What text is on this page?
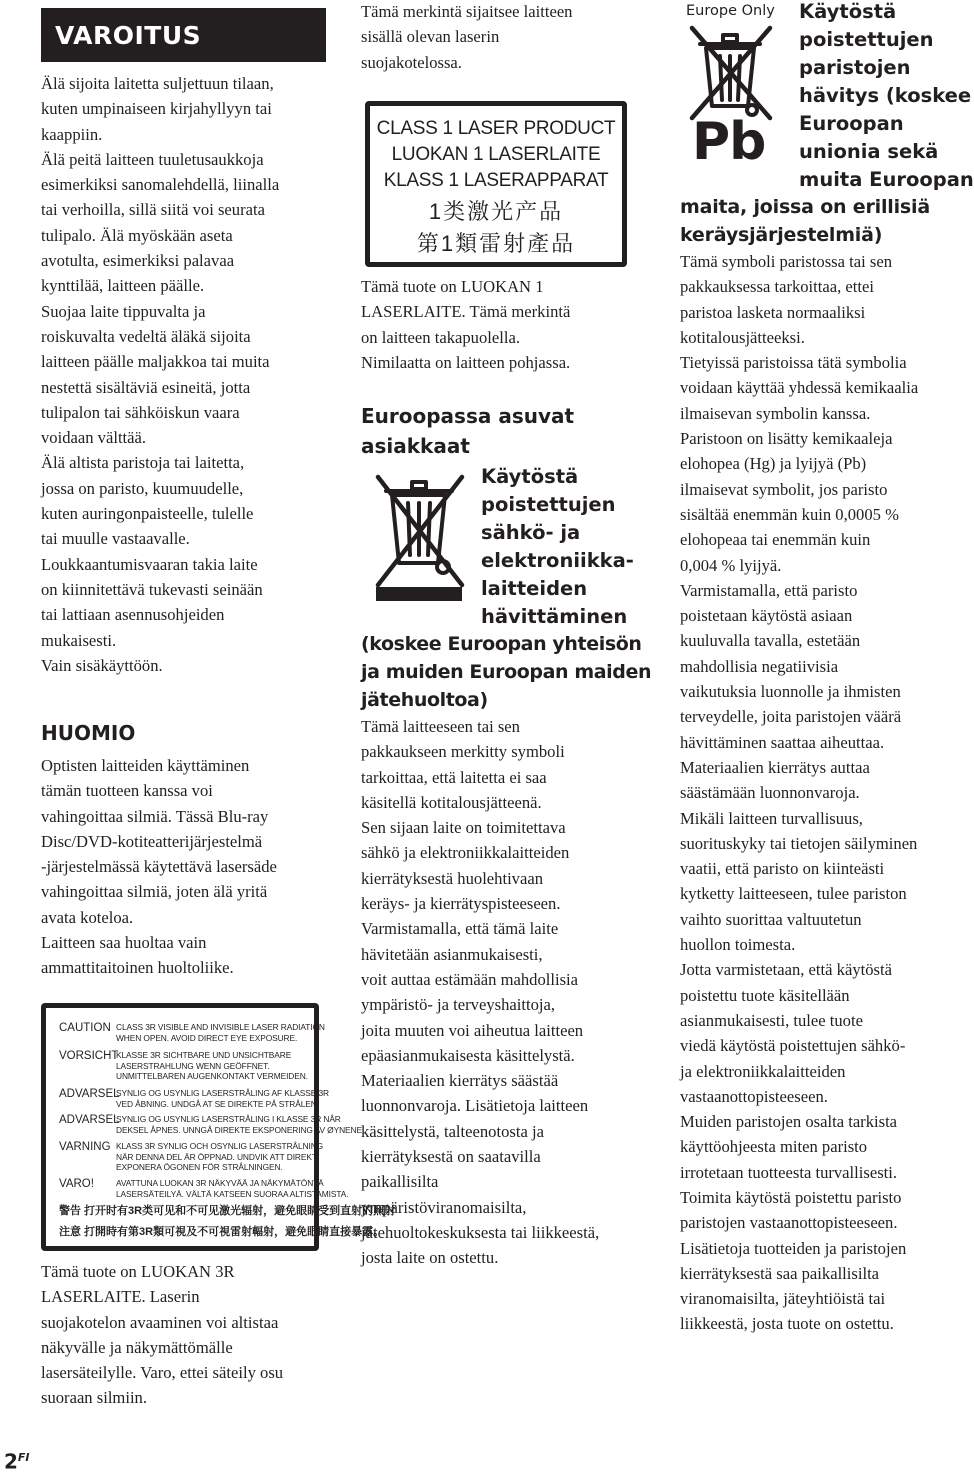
VAROITUS

Älä sijoita laitetta suljettuun tilaan,
kuten umpinaiseen kirjahyllyyn tai
kaappiin.

Älä peitä laitteen tuuletusaukkoja
esimerkiksi sanomalehdellä, liinalla
tai verhoilla, sillä siitä voi seurata
tulipalo. Älä myöskään aseta
avotulta, esimerkiksi palavaa
kynttilää, laitteen päälle.

Suojaa laite tippuvalta ja
roiskuvalta vedeltä äläkä sijoita
laitteen päälle maljakkoa tai muita
nestettä sisältäviä esineitä, jotta
tulipalon tai sähköiskun vaara
voidaan välttää.

Älä altista paristoja tai laitetta,
jossa on paristo, kuumuudelle,
kuten auringonpaisteelle, tulelle
tai muulle vastaavalle.

Loukkaantumisvaaran takia laite
on kiinnitettävä tukevasti seinään
tai lattiaan asennusohjeiden
mukaisesti.

Vain sisäkäyttöön.

HUOMIO

Optisten laitteiden käyttäminen
tämän tuotteen kanssa voi
vahingoittaa silmiä. Tässä Blu-ray
Disc/DVD-kotiteatterijärjestelmä
-järjestelmässä käytettävä lasersäde
vahingoittaa silmiä, joten älä yritä
avata koteloa.

Laitteen saa huoltaa vain
ammattitaitoinen huoltoliike.

CAUTION CLASS 3R VISIBLE AND INVISIBLE LASER RADIATION
WHEN OPEN. AVOID DIRECT EYE EXPOSURE.
VORSICHT
KLASSE 3R SICHTBARE UND UNSICHTBARE
LASERSTRAHLUNG WENN GEÖFFNET.
UNMITTELBAREN AUGENKONTAKT VERMEIDEN.
ADVARSEL
SYNLIG OG USYNLIG LASERSTRÅLING AF KLASSE 3R
VED ÅBNING. UNDGÅ AT SE DIREKTE PÅ STRÅLEN.
ADVARSEL
SYNLIG OG USYNLIG LASERSTRÅLING I KLASSE 3R NÅR
DEKSEL ÅPNES. UNNGÅ DIREKTE EKSPONERING AV ØYNENE.
VARNING KLASS 3R SYNLIG OCH OSYNLIG LASERSTRÅLNING
NÄR DENNA DEL ÄR ÖPPNAD. UNDVIK ATT DIREKT
EXPONERA ÖGONEN FÖR STRÅLNINGEN.
VARO!	AVATTUNA LUOKAN 3R NÄKYVÄÄ JA NÄKYMÄTÖNTÄ
LASERSÄTEILYÄ. VÄLTÄ KATSEEN SUORAA ALTISTAMISTA.
警告 打开时有3R类可见和不可见激光辐射，避免眼睛受到直射的照射
注意 打開時有第3R類可視及不可視雷射輻射，避免眼睛直接暴露。
Tämä tuote on LUOKAN 3R
LASERLAITE. Laserin
suojakotelon avaaminen voi altistaa
näkyvälle ja näkymättömälle
lasersäteilylle. Varo, ettei säteily osu
suoraan silmiin.
Tämä merkintä sijaitsee laitteen
sisällä olevan laserin
suojakotelossa.
CLASS 1 LASER PRODUCT
LUOKAN 1 LASERLAITE
KLASS 1 LASERAPPARAT
1类激光产品
第1類雷射產品

Tämä tuote on LUOKAN 1
LASERLAITE. Tämä merkintä
on laitteen takapuolella.

Nimilaatta on laitteen pohjassa.

Euroopassa asuvat
asiakkaat
Käytöstä
poistettujen
sähkö- ja
elektroniikka-
laitteiden
hävittäminen
(koskee Euroopan yhteisön
ja muiden Euroopan maiden
jätehuoltoa)

Tämä laitteeseen tai sen
pakkaukseen merkitty symboli
tarkoittaa, että laitetta ei saa
käsitellä kotitalousjätteenä.

Sen sijaan laite on toimitettava
sähkö ja elektroniikkalaitteiden
kierrätyksestä huolehtivaan
keräys- ja kierrätyspisteeseen.

Varmistamalla, että tämä laite
hävitetään asianmukaisesti,
voit auttaa estämään mahdollisia
ympäristö- ja terveyshaittoja,
joita muuten voi aiheutua laitteen
epäasianmukaisesta käsittelystä.

Materiaalien kierrätys säästää
luonnonvaroja. Lisätietoja laitteen
käsittelystä, talteenotosta ja
kierrätyksestä on saatavilla
paikallisilta
ympäristöviranomaisilta,
jätehuoltokeskuksesta tai liikkeestä,
josta laite on ostettu.

Europe Only
Pb
Käytöstä
poistettujen
paristojen
hävitys (koskee
Euroopan
unionia sekä
muita Euroopan
maita, joissa on erillisiä
keräysjärjestelmiä)

Tämä symboli paristossa tai sen
pakkauksessa tarkoittaa, ettei
paristoa lasketa normaaliksi
kotitalousjätteeksi.

Tietyissä paristoissa tätä symbolia
voidaan käyttää yhdessä kemikaalia
ilmaisevan symbolin kanssa.
Paristoon on lisätty kemikaaleja
elohopea (Hg) ja lyijyä (Pb)
ilmaisevat symbolit, jos paristo
sisältää enemmän kuin 0,0005 %
elohopeaa tai enemmän kuin
0,004 % lyijyä.

Varmistamalla, että paristo
poistetaan käytöstä asiaan
kuuluvalla tavalla, estetään
mahdollisia negatiivisia
vaikutuksia luonnolle ja ihmisten
terveydelle, joita paristojen väärä
hävittäminen saattaa aiheuttaa.
Materiaalien kierrätys auttaa
säästämään luonnonvaroja.

Mikäli laitteen turvallisuus,
suorituskyky tai tietojen säilyminen
vaatii, että paristo on kiinteästi
kytketty laitteeseen, tulee pariston
vaihto suorittaa valtuutetun
huollon toimesta.

Jotta varmistetaan, että käytöstä
poistettu tuote käsitellään
asianmukaisesti, tulee tuote
viedä käytöstä poistettujen sähkö-
ja elektroniikkalaitteiden
vastaanottopisteeseen.

Muiden paristojen osalta tarkista
käyttöohjeesta miten paristo
irrotetaan tuotteesta turvallisesti.
Toimita käytöstä poistettu paristo
paristojen vastaanottopisteeseen.
Lisätietoja tuotteiden ja paristojen
kierrätyksestä saa paikallisilta
viranomaisilta, jäteyhtiöistä tai
liikkeestä, josta tuote on ostettu.

$2^{FI}$
